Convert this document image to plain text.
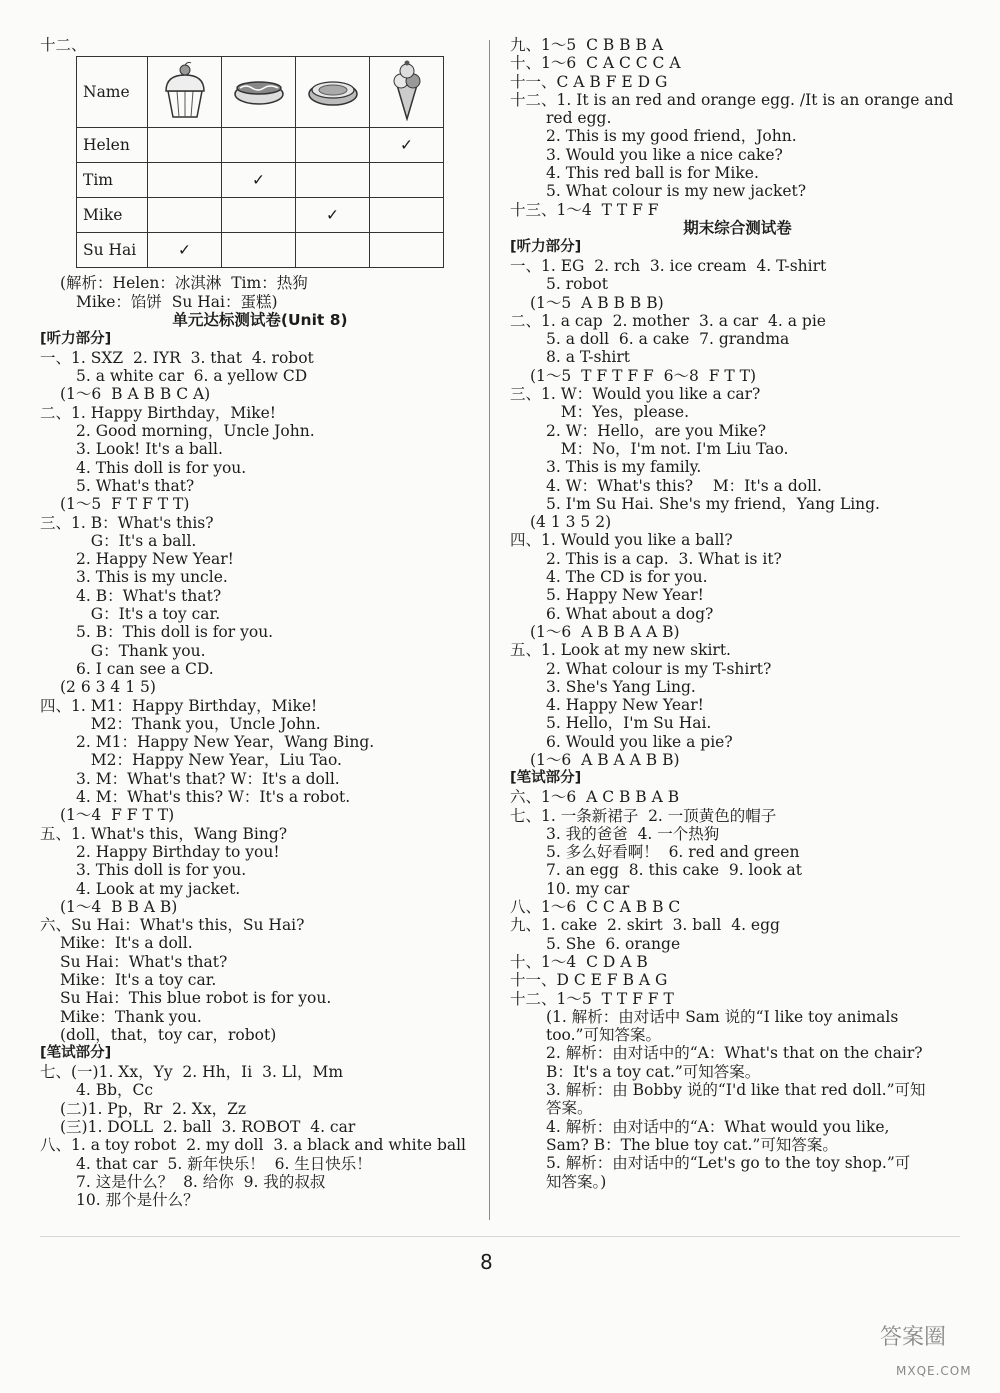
十二、
Name				
Helen				✓
Tim		✓		
Mike			✓	
Su Hai	✓			
(解析：Helen：冰淇淋  Tim：热狗
Mike：馅饼  Su Hai：蛋糕)
单元达标测试卷(Unit 8)
[听力部分]
一、1. SXZ  2. IYR  3. that  4. robot
5. a white car  6. a yellow CD
(1～6  B A B B C A)
二、1. Happy Birthday，Mike!
2. Good morning，Uncle John.
3. Look! It's a ball.
4. This doll is for you.
5. What's that?
(1～5  F T F T T)
三、1. B：What's this?
G：It's a ball.
2. Happy New Year!
3. This is my uncle.
4. B：What's that?
G：It's a toy car.
5. B：This doll is for you.
G：Thank you.
6. I can see a CD.
(2 6 3 4 1 5)
四、1. M1：Happy Birthday，Mike!
M2：Thank you，Uncle John.
2. M1：Happy New Year，Wang Bing.
M2：Happy New Year，Liu Tao.
3. M：What's that? W：It's a doll.
4. M：What's this? W：It's a robot.
(1～4  F F T T)
五、1. What's this，Wang Bing?
2. Happy Birthday to you!
3. This doll is for you.
4. Look at my jacket.
(1～4  B B A B)
六、Su Hai：What's this，Su Hai?
Mike：It's a doll.
Su Hai：What's that?
Mike：It's a toy car.
Su Hai：This blue robot is for you.
Mike：Thank you.
(doll，that，toy car，robot)
[笔试部分]
七、(一)1. Xx，Yy  2. Hh，Ii  3. Ll，Mm
4. Bb，Cc
(二)1. Pp，Rr  2. Xx，Zz
(三)1. DOLL  2. ball  3. ROBOT  4. car
八、1. a toy robot  2. my doll  3. a black and white ball
4. that car  5. 新年快乐！  6. 生日快乐！
7. 这是什么？  8. 给你  9. 我的叔叔
10. 那个是什么？
九、1～5  C B B B A
十、1～6  C A C C C A
十一、C A B F E D G
十二、1. It is an red and orange egg. /It is an orange and
red egg.
2. This is my good friend，John.
3. Would you like a nice cake?
4. This red ball is for Mike.
5. What colour is my new jacket?
十三、1～4  T T F F
期末综合测试卷
[听力部分]
一、1. EG  2. rch  3. ice cream  4. T-shirt
5. robot
(1～5  A B B B B)
二、1. a cap  2. mother  3. a car  4. a pie
5. a doll  6. a cake  7. grandma
8. a T-shirt
(1～5  T F T F F  6～8  F T T)
三、1. W：Would you like a car?
M：Yes，please.
2. W：Hello，are you Mike?
M：No，I'm not. I'm Liu Tao.
3. This is my family.
4. W：What's this?    M：It's a doll.
5. I'm Su Hai. She's my friend，Yang Ling.
(4 1 3 5 2)
四、1. Would you like a ball?
2. This is a cap.  3. What is it?
4. The CD is for you.
5. Happy New Year!
6. What about a dog?
(1～6  A B B A A B)
五、1. Look at my new skirt.
2. What colour is my T-shirt?
3. She's Yang Ling.
4. Happy New Year!
5. Hello，I'm Su Hai.
6. Would you like a pie?
(1～6  A B A A B B)
[笔试部分]
六、1～6  A C B B A B
七、1. 一条新裙子  2. 一顶黄色的帽子
3. 我的爸爸  4. 一个热狗
5. 多么好看啊！  6. red and green
7. an egg  8. this cake  9. look at
10. my car
八、1～6  C C A B B C
九、1. cake  2. skirt  3. ball  4. egg
5. She  6. orange
十、1～4  C D A B
十一、D C E F B A G
十二、1～5  T T F F T
(1. 解析：由对话中 Sam 说的“I like toy animals
too.”可知答案。
2. 解析：由对话中的“A：What's that on the chair?
B：It's a toy cat.”可知答案。
3. 解析：由 Bobby 说的“I'd like that red doll.”可知
答案。
4. 解析：由对话中的“A：What would you like,
Sam? B：The blue toy cat.”可知答案。
5. 解析：由对话中的“Let's go to the toy shop.”可
知答案。)
8
答案圈
MXQE.COM
